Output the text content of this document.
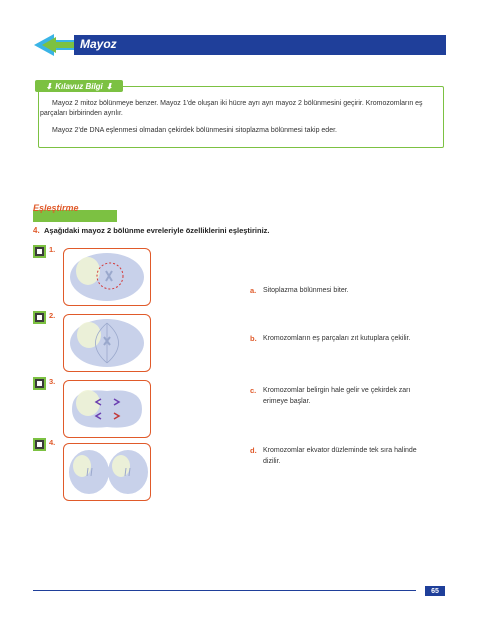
Mayoz
⬇ Kılavuz Bilgi ⬇
Mayoz 2 mitoz bölünmeye benzer. Mayoz 1'de oluşan iki hücre ayrı ayrı mayoz 2 bölünmesini geçirir. Kromozomların eş parçaları birbirinden ayrılır.
Mayoz 2'de DNA eşlenmesi olmadan çekirdek bölünmesini sitoplazma bölünmesi takip eder.
Eşleştirme
4. Aşağıdaki mayoz 2 bölünme evreleriyle özelliklerini eşleştiriniz.
1.
2.
3.
4.
a. Sitoplazma bölünmesi biter.
b. Kromozomların eş parçaları zıt kutuplara çekilir.
c. Kromozomlar belirgin hale gelir ve çekirdek zarı erimeye başlar.
d. Kromozomlar ekvator düzleminde tek sıra halinde dizilir.
65
